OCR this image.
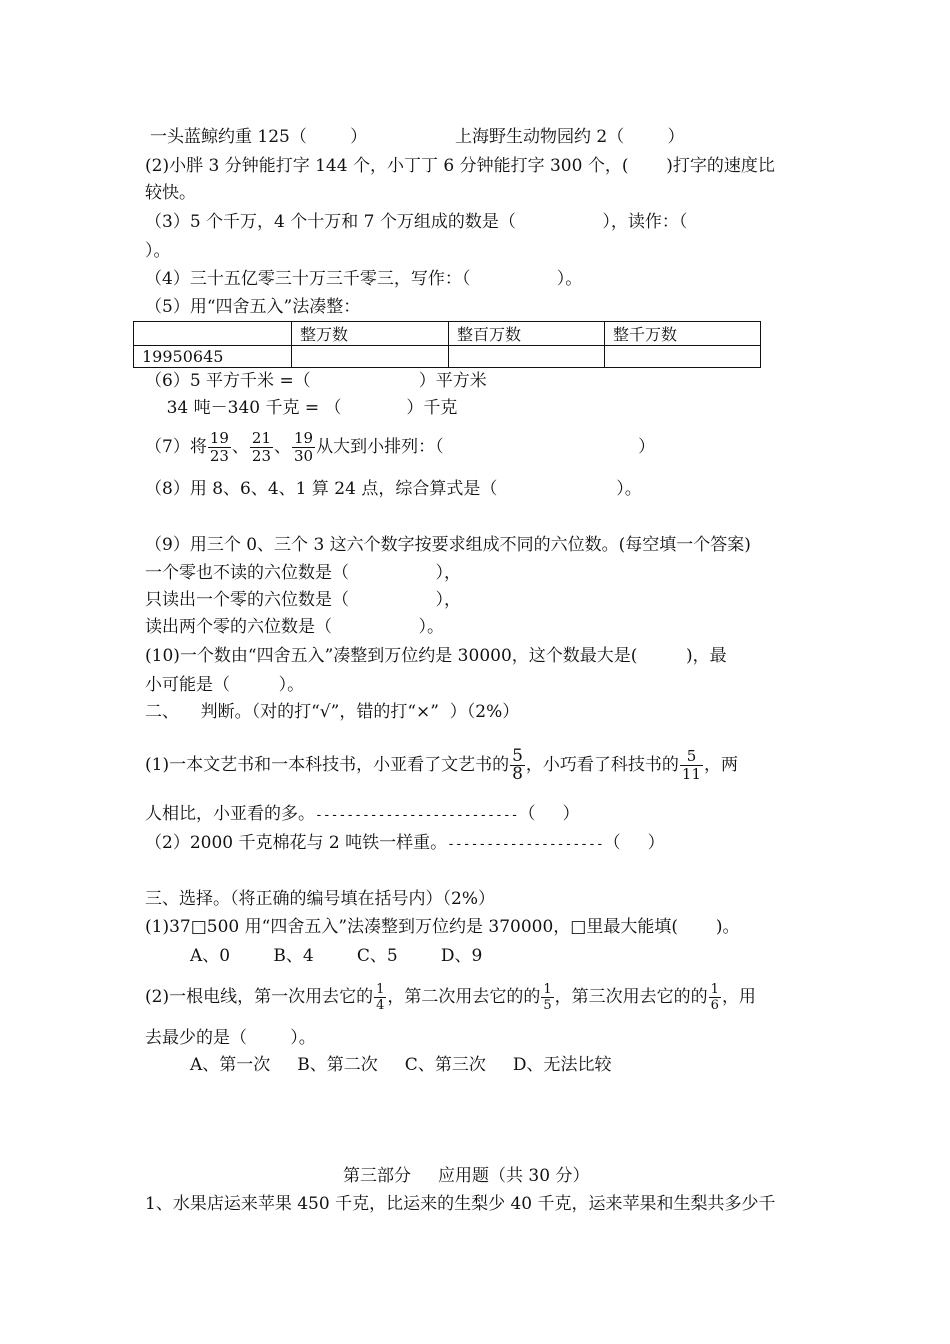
一头蓝鲸约重 125（        ）	上海野生动物园约 2（        ）
(2)小胖 3 分钟能打字 144 个，小丁丁 6 分钟能打字 300 个，(       )打字的速度比
较快。
（3）5 个千万，4 个十万和 7 个万组成的数是（                ），读作：（
）。
（4）三十五亿零三十万三千零三，写作：（                ）。
（5）用“四舍五入”法凑整：
	整万数	整百万数	整千万数
19950645			
（6）5 平方千米 =（                    ）平方米
34 吨－340 千克 = （            ）千克
（7）将 $\frac{19}{23}$ 、 $\frac{21}{23}$ 、 $\frac{19}{30}$ 从大到小排列：（                                    ）
（8）用 8、6、4、1 算 24 点，综合算式是（                      ）。
（9）用三个 0、三个 3 这六个数字按要求组成不同的六位数。(每空填一个答案)
一个零也不读的六位数是（                ），
只读出一个零的六位数是（                ），
读出两个零的六位数是（                ）。
(10)一个数由“四舍五入”凑整到万位约是 30000，这个数最大是(         )，最
小可能是（         ）。
二、    判断。（对的打“√”，错的打“×”  ）（2%）
(1)一本文艺书和一本科技书，小亚看了文艺书的 $\frac{5}{8}$ ，小巧看了科技书的 $\frac{5}{11}$ ，两
人相比，小亚看的多。--------------------------（     ）
（2）2000 千克棉花与 2 吨铁一样重。--------------------（     ）
三、选择。（将正确的编号填在括号内）（2%）
(1)37□500 用“四舍五入”法凑整到万位约是 370000，□里最大能填(       )。
A、0        B、4        C、5        D、9
(2)一根电线，第一次用去它的 $\frac{1}{4}$ ，第二次用去它的的 $\frac{1}{5}$ ，第三次用去它的的 $\frac{1}{6}$ ，用
去最少的是（        ）。
A、第一次     B、第二次     C、第三次     D、无法比较
第三部分     应用题（共 30 分）
1、水果店运来苹果 450 千克，比运来的生梨少 40 千克，运来苹果和生梨共多少千
